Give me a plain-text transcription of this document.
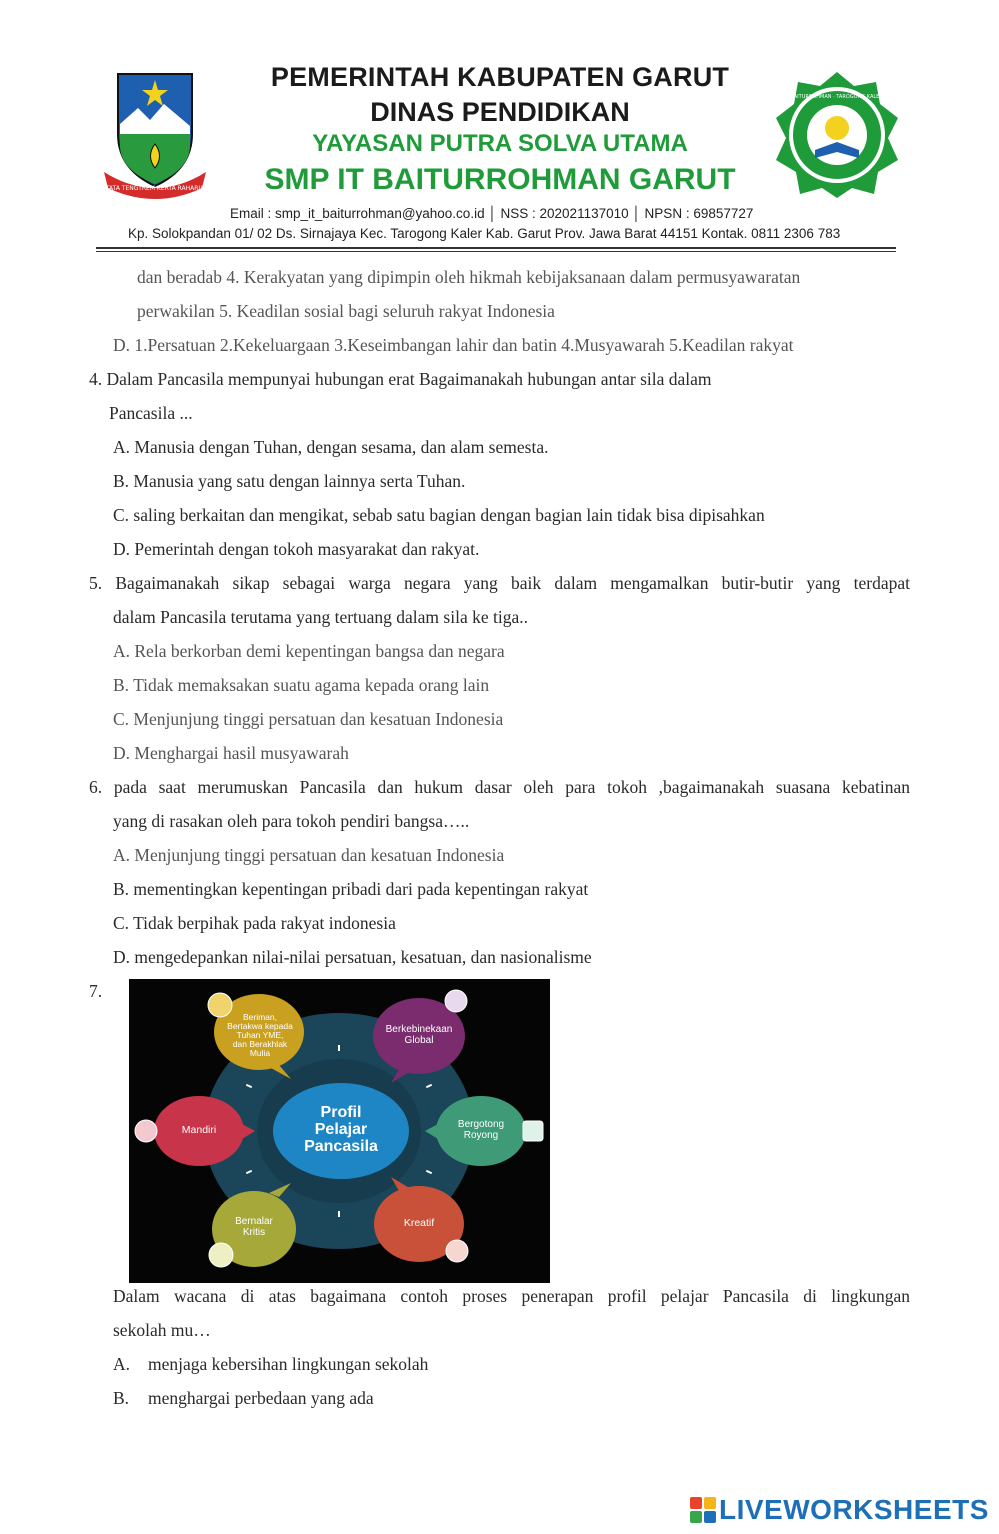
TATA TENGTREM KERTA RAHARJA
PEMERINTAH KABUPATEN GARUT
DINAS PENDIDIKAN
YAYASAN PUTRA SOLVA UTAMA
SMP IT BAITURROHMAN GARUT
SMP IT BAITURROHMAN · TAROGONG KALER GARUT
Email : smp_it_baiturrohman@yahoo.co.id │ NSS : 202021137010 │ NPSN : 69857727
Kp. Solokpandan 01/ 02 Ds. Sirnajaya Kec. Tarogong Kaler Kab. Garut Prov. Jawa Barat 44151 Kontak. 0811 2306 783
dan beradab 4. Kerakyatan yang dipimpin oleh hikmah kebijaksanaan dalam permusyawaratan
perwakilan 5. Keadilan sosial bagi seluruh rakyat Indonesia
D. 1.Persatuan 2.Kekeluargaan 3.Keseimbangan lahir dan batin 4.Musyawarah 5.Keadilan rakyat
4. Dalam Pancasila mempunyai hubungan erat Bagaimanakah hubungan antar sila dalam
Pancasila ...
A. Manusia dengan Tuhan, dengan sesama, dan alam semesta.
B. Manusia yang satu dengan lainnya serta Tuhan.
C. saling berkaitan dan mengikat, sebab satu bagian dengan bagian lain tidak bisa dipisahkan
D. Pemerintah dengan tokoh masyarakat dan rakyat.
5. Bagaimanakah sikap sebagai warga negara yang baik dalam mengamalkan butir-butir yang terdapat
dalam Pancasila terutama yang tertuang dalam sila ke tiga..
A. Rela berkorban demi kepentingan bangsa dan negara
B. Tidak memaksakan suatu agama kepada orang lain
C. Menjunjung tinggi persatuan dan kesatuan Indonesia
D. Menghargai hasil musyawarah
6. pada saat merumuskan Pancasila dan hukum dasar oleh para tokoh ,bagaimanakah suasana kebatinan
yang di rasakan oleh para tokoh pendiri bangsa…..
A. Menjunjung tinggi persatuan dan kesatuan Indonesia
B. mementingkan kepentingan pribadi dari pada kepentingan rakyat
C. Tidak berpihak pada rakyat indonesia
D. mengedepankan nilai-nilai persatuan, kesatuan, dan nasionalisme
7.
Beriman,
Bertakwa kepada
Tuhan YME,
dan Berakhlak
Mulia
Berkebinekaan
Global
Mandiri	Bergotong
Royong
Bernalar
Kritis
Kreatif
Profil
Pelajar
Pancasila
Dalam wacana di atas bagaimana contoh proses penerapan profil pelajar Pancasila di lingkungan
sekolah mu…
A. menjaga kebersihan lingkungan sekolah
B. menghargai perbedaan yang ada
LIVEWORKSHEETS
